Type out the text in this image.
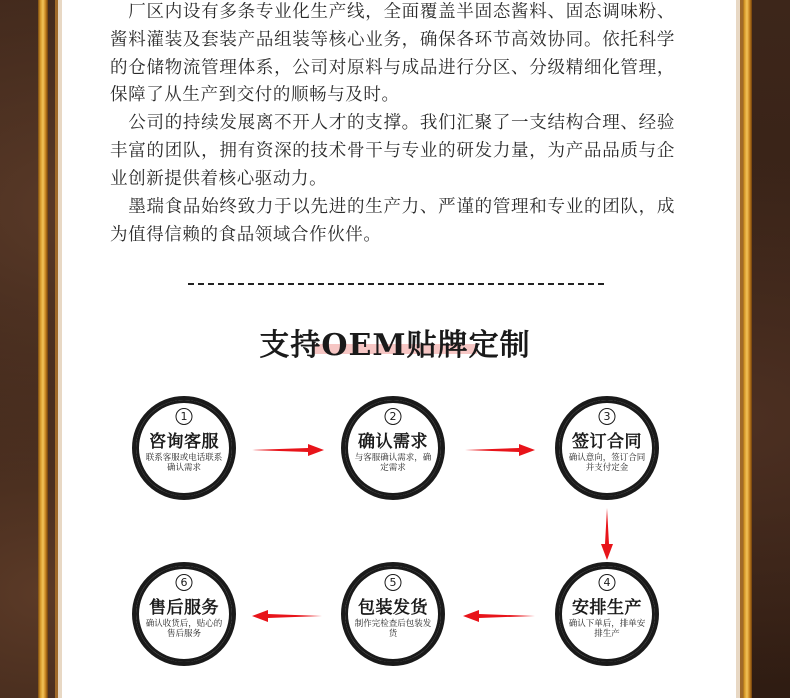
　厂区内设有多条专业化生产线，全面覆盖半固态酱料、固态调味粉、酱料灌装及套装产品组装等核心业务，确保各环节高效协同。依托科学的仓储物流管理体系，公司对原料与成品进行分区、分级精细化管理，保障了从生产到交付的顺畅与及时。

　公司的持续发展离不开人才的支撑。我们汇聚了一支结构合理、经验丰富的团队，拥有资深的技术骨干与专业的研发力量，为产品品质与企业创新提供着核心驱动力。

　墨瑞食品始终致力于以先进的生产力、严谨的管理和专业的团队，成为值得信赖的食品领域合作伙伴。

支持OEM贴牌定制
1
咨询客服
联系客服或电话联系确认需求
2
确认需求
与客服确认需求，确定需求
3
签订合同
确认意向，签订合同并支付定金
4
安排生产
确认下单后，排单安排生产
5
包装发货
制作完检查后包装发货
6
售后服务
确认收货后，贴心的售后服务
